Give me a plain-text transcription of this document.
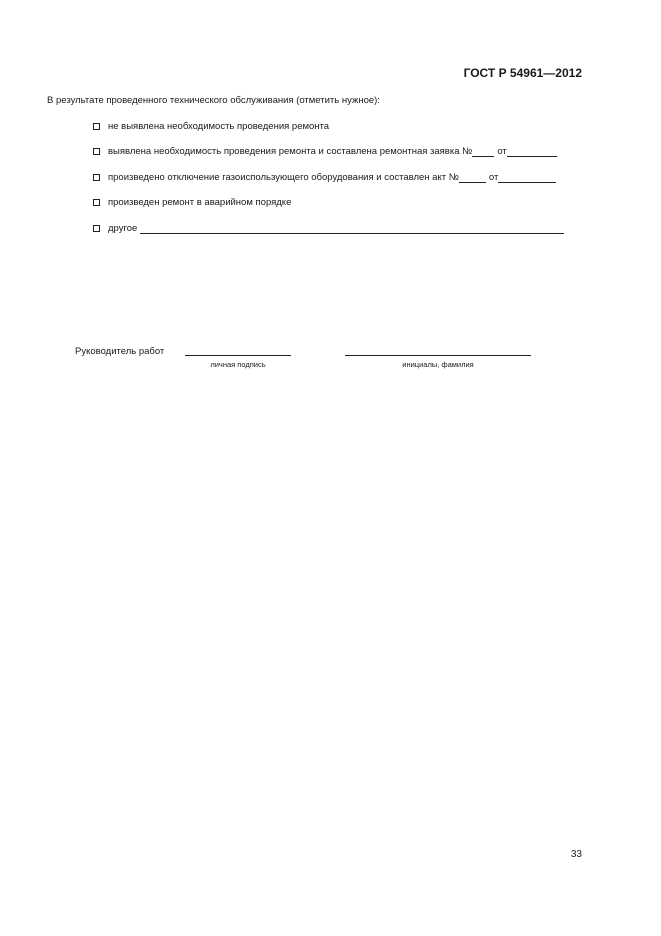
ГОСТ Р 54961—2012
В результате проведенного технического обслуживания (отметить нужное):
не выявлена необходимость проведения ремонта
выявлена необходимость проведения ремонта и составлена ремонтная заявка №	от
произведено отключение газоиспользующего оборудования и составлен акт №	от
произведен ремонт в аварийном порядке
другое
Руководитель работ
личная подпись	инициалы, фамилия
33
